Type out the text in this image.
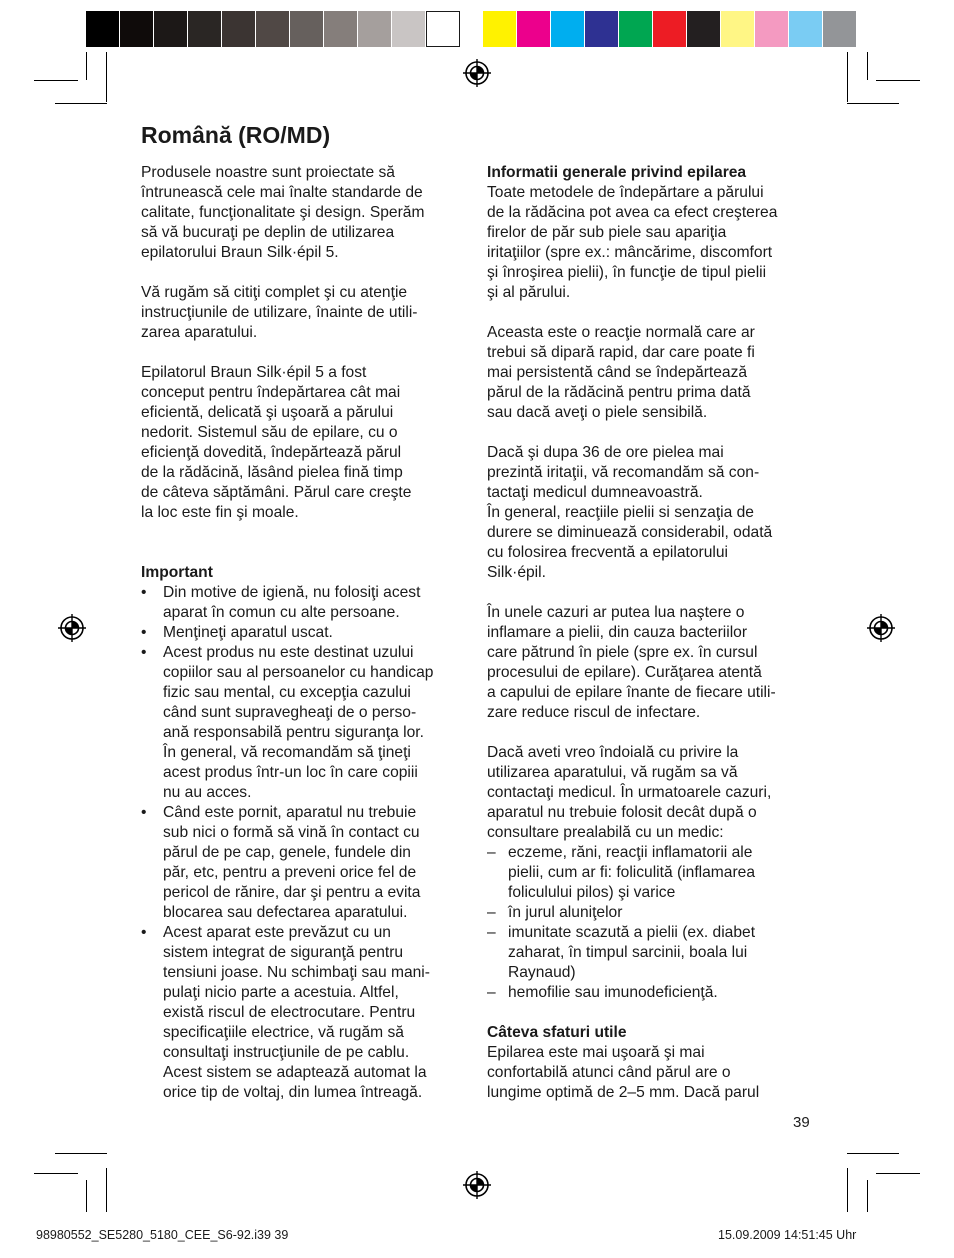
Română (RO/MD)

Produsele noastre sunt proiectate să
întrunească cele mai înalte standarde de
calitate, funcţionalitate şi design. Sperăm
să vă bucuraţi pe deplin de utilizarea
epilatorului Braun Silk·épil 5.

Vă rugăm să citiţi complet şi cu atenţie
instrucţiunile de utilizare, înainte de utili-
zarea aparatului.

Epilatorul Braun Silk·épil 5 a fost
conceput pentru îndepărtarea cât mai
eficientă, delicată şi uşoară a părului
nedorit. Sistemul său de epilare, cu o
eficienţă dovedită, îndepărtează părul
de la rădăcină, lăsând pielea fină timp
de câteva săptămâni. Părul care creşte
la loc este fin şi moale.

Important

• Din motive de igienă, nu folosiţi acest
aparat în comun cu alte persoane.
• Menţineţi aparatul uscat.
• Acest produs nu este destinat uzului
copiilor sau al persoanelor cu handicap
fizic sau mental, cu excepţia cazului
când sunt supravegheaţi de o perso-
ană responsabilă pentru siguranţa lor.
În general, vă recomandăm să ţineţi
acest produs într-un loc în care copiii
nu au acces.
• Când este pornit, aparatul nu trebuie
sub nici o formă să vină în contact cu
părul de pe cap, genele, fundele din
păr, etc, pentru a preveni orice fel de
pericol de rănire, dar şi pentru a evita
blocarea sau defectarea aparatului.
• Acest aparat este prevăzut cu un
sistem integrat de siguranţă pentru
tensiuni joase. Nu schimbaţi sau mani-
pulaţi nicio parte a acestuia. Altfel,
există riscul de electrocutare. Pentru
specificaţiile electrice, vă rugăm să
consultaţi instrucţiunile de pe cablu.
Acest sistem se adaptează automat la
orice tip de voltaj, din lumea întreagă.

Informatii generale privind epilarea

Toate metodele de îndepărtare a părului
de la rădăcina pot avea ca efect creşterea
firelor de păr sub piele sau apariţia
iritaţiilor (spre ex.: mâncărime, discomfort
şi înroşirea pielii), în funcţie de tipul pielii
şi al părului.

Aceasta este o reacţie normală care ar
trebui să dipară rapid, dar care poate fi
mai persistentă când se îndepărtează
părul de la rădăcină pentru prima dată
sau dacă aveţi o piele sensibilă.

Dacă şi dupa 36 de ore pielea mai
prezintă iritaţii, vă recomandăm să con-
tactaţi medicul dumneavoastră.
În general, reacţiile pielii si senzaţia de
durere se diminuează considerabil, odată
cu folosirea frecventă a epilatorului
Silk·épil.

În unele cazuri ar putea lua naştere o
inflamare a pielii, din cauza bacteriilor
care pătrund în piele (spre ex. în cursul
procesului de epilare). Curăţarea atentă
a capului de epilare înante de fiecare utili-
zare reduce riscul de infectare.

Dacă aveti vreo îndoială cu privire la
utilizarea aparatului, vă rugăm sa vă
contactaţi medicul. În urmatoarele cazuri,
aparatul nu trebuie folosit decât după o
consultare prealabilă cu un medic:

– eczeme, răni, reacţii inflamatorii ale
pielii, cum ar fi: foliculită (inflamarea
foliculului pilos) şi varice
– în jurul aluniţelor
– imunitate scazută a pielii (ex. diabet
zaharat, în timpul sarcinii, boala lui
Raynaud)
– hemofilie sau imunodeficienţă.

Câteva sfaturi utile

Epilarea este mai uşoară şi mai
confortabilă atunci când părul are o
lungime optimă de 2–5 mm. Dacă parul

39
98980552_SE5280_5180_CEE_S6-92.i39 39	15.09.2009 14:51:45 Uhr
